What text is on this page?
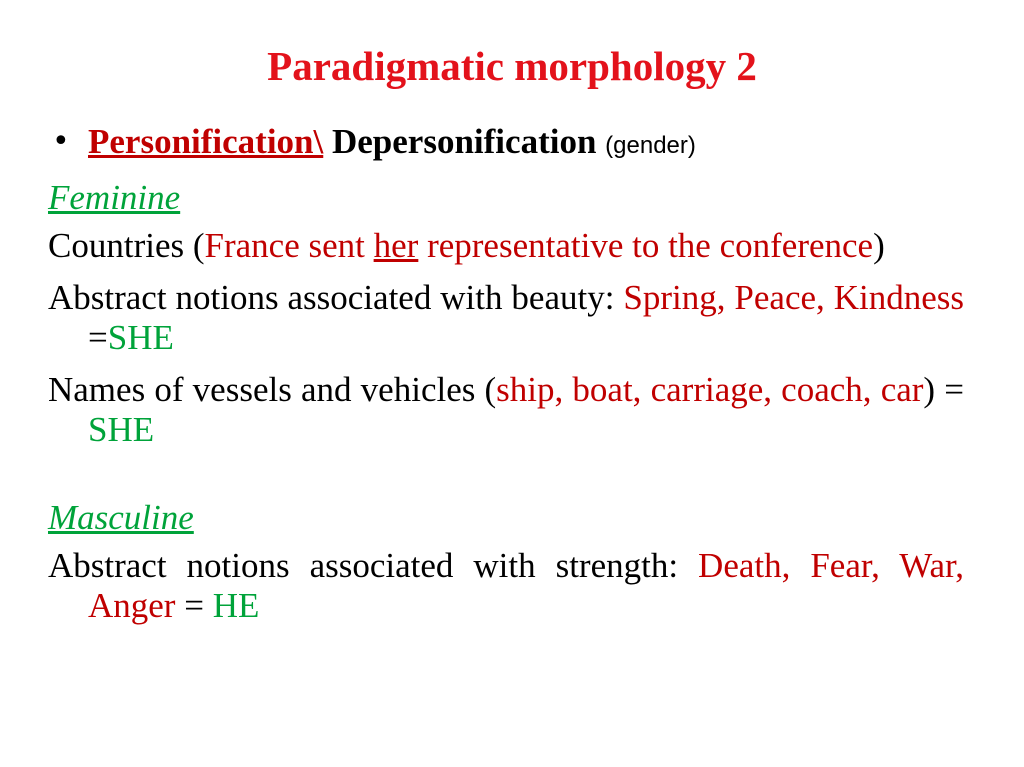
Paradigmatic morphology 2
• Personification\ Depersonification (gender)
Feminine
Countries (France sent her representative to the conference)
Abstract notions associated with beauty: Spring, Peace, Kindness =SHE
Names of vessels and vehicles (ship, boat, carriage, coach, car) = SHE
Masculine
Abstract notions associated with strength: Death, Fear, War, Anger = HE
